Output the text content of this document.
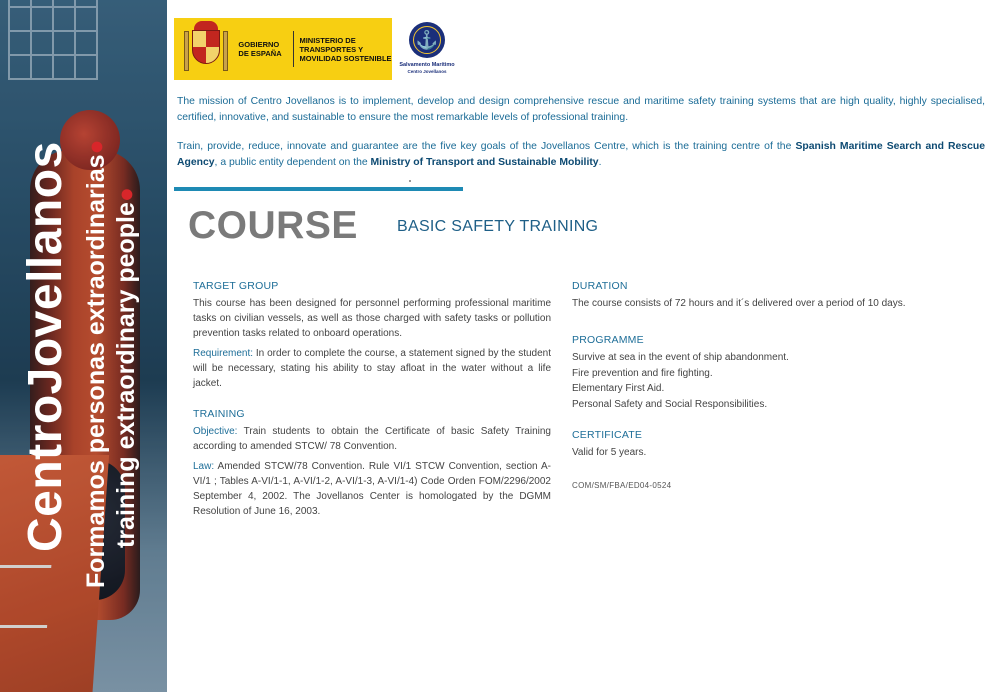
CentroJovellanos Formamos personas extraordinarias●
training extraordinary people●
GOBIERNO DE ESPAÑA
MINISTERIO DE TRANSPORTES Y MOVILIDAD SOSTENIBLE
⚓
Salvamento Marítimo
Centro Jovellanos

The mission of Centro Jovellanos is to implement, develop and design comprehensive rescue and maritime safety training systems that are high quality, highly specialised, certified, innovative, and sustainable to ensure the most remarkable levels of professional training.

Train, provide, reduce, innovate and guarantee are the five key goals of the Jovellanos Centre, which is the training centre of the Spanish Maritime Search and Rescue Agency, a public entity dependent on the Ministry of Transport and Sustainable Mobility.

COURSE BASIC SAFETY TRAINING
TARGET GROUP

This course has been designed for personnel performing professional maritime tasks on civilian vessels, as well as those charged with safety tasks or pollution prevention tasks related to onboard operations.

Requirement: In order to complete the course, a statement signed by the student will be necessary, stating his ability to stay afloat in the water without a life jacket.

TRAINING

Objective: Train students to obtain the Certificate of basic Safety Training according to amended STCW/ 78 Convention.

Law: Amended STCW/78 Convention. Rule VI/1 STCW Convention, section A-VI/1 ; Tables A-VI/1-1, A-VI/1-2, A-VI/1-3, A-VI/1-4) Code Orden FOM/2296/2002 September 4, 2002. The Jovellanos Center is homologated by the DGMM Resolution of June 16, 2003.

DURATION

The course consists of 72 hours and it´s delivered over a period of 10 days.

PROGRAMME
Survive at sea in the event of ship abandonment.
Fire prevention and fire fighting.
Elementary First Aid.
Personal Safety and Social Responsibilities.
CERTIFICATE

Valid for 5 years.

COM/SM/FBA/ED04-0524
